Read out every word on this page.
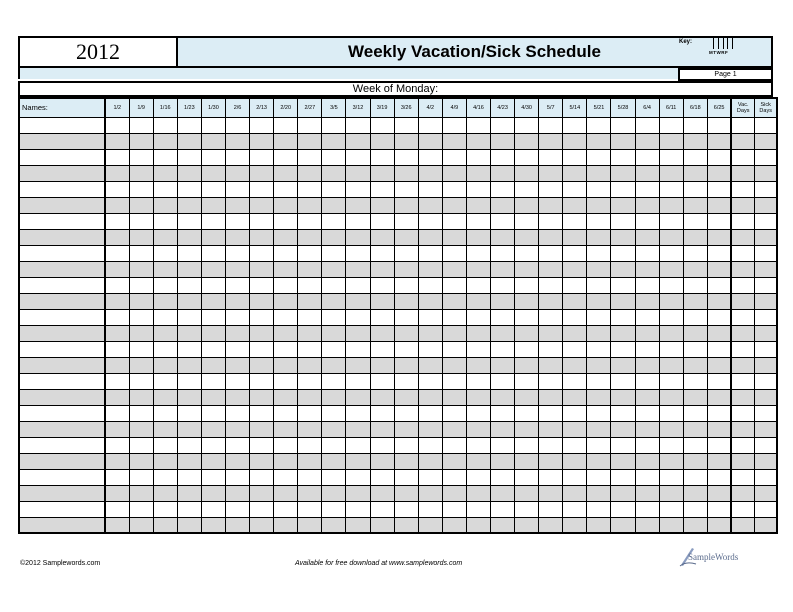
2012	Weekly Vacation/Sick Schedule	Key:
MTWRF
Page 1
Week of Monday:
Names:	1/2	1/9	1/16	1/23	1/30	2/6	2/13	2/20	2/27	3/5	3/12	3/19	3/26	4/2	4/9	4/16	4/23	4/30	5/7	5/14	5/21	5/28	6/4	6/11	6/18	6/25	Vac. Days	Sick Days

©2012 Samplewords.com	Available for free download at www.samplewords.com
SampleWords
